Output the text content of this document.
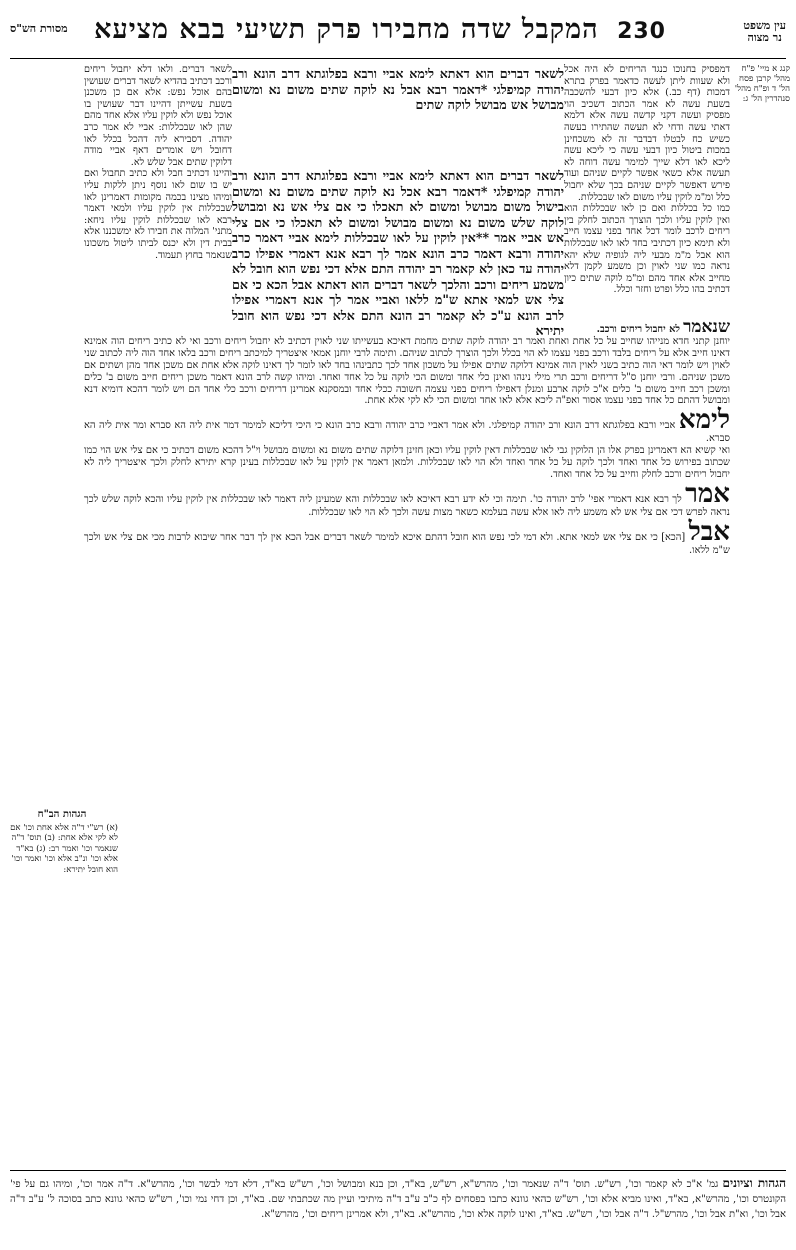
עין משפט
נר מצוה
230 המקבל שדה מחבירו פרק תשיעי בבא מציעא
מסורת הש"ס
קנג א מיי' פ"ח מהל' קרבן פסח הל' ד ופ"ח מהל' סנהדרין הל' ג:

דמפסיק בחנוכו כנגד הריחים לא היה אכל ולא שעוות ליתן לעשה כדאמר בפרק בתרא דמכות (דף כב.) אלא כיון דבעי להשכבה בשעת עשה לא אמר הכתוב דשכיב הוי מפסיק ועשה דקני קדשה עשה אלא דלמא דאתי עשה ודחי לא תעשה שהתירו בעשה כשיש כח לבטלו דבדבר זה לא משכחינן במכות ביטול כיון דבעי עשה כי ליכא עשה ליכא לאו דלא שייך למימר עשה דוחה לא תעשה אלא כשאי אפשר לקיים שניהם ועוד פירש דאפשר לקיים שניהם בכך שלא יחבול כלל ומ"מ לוקין עליו משום לאו שבכללות.

כמו כל בכללות ואם כן לאו שבכללות הוא ואין לוקין עליו ולכך הוצרך הכתוב לחלק בין ריחים לרכב לומר דכל אחד בפני עצמו חייב ולא תימא כיון דכתיבי בחד לאו לאו שבכללות הוא אבל מ"מ מבעי ליה לגופיה שלא יהא נראה כמו שני לאוין וכן משמע לקמן דלא מחייב אלא אחד מהם ומ"מ לוקה שתים כיון דכתיב בהו כלל ופרט וחזר וכלל.

לשאר דברים. ולאו דלא יחבול ריחים ורכב דכתיב בהדיא לשאר דברים שעושין בהם אוכל נפש: אלא אם כן משכנן בשעת עשייתן דהיינו דבר שעושין בו אוכל נפש ולא לוקין עליו אלא אחד מהם שהן לאו שבכללות: אביי לא אמר כרב יהודה. דסבירא ליה דהכל בכלל לאו דחובל ויש אומרים דאף אביי מודה דלוקין שתים אבל שלש לא.

והיינו דכתיב חבל ולא כתיב תחבול ואם יש בו שום לאו נוסף ניתן ללקות עליו ומיהו מצינו בכמה מקומות דאמרינן לאו שבכללות אין לוקין עליו ולמאי דאמר רבא לאו שבכללות לוקין עליו ניחא: מתני' המלוה את חבירו לא ימשכננו אלא בבית דין ולא יכנס לביתו ליטול משכונו שנאמר בחוץ תעמוד.

לשאר דברים הוא דאתא לימא אביי ורבא בפלוגתא דרב הונא ורב יהודה קמיפלגי *דאמר רבא אבל נא לוקה שתים משום נא ומשום מבושל אש מבושל לוקה שתים
לשאר דברים הוא דאתא לימא אביי ורבא בפלוגתא דרב הונא ורב יהודה קמיפלגי *דאמר רבא אכל נא לוקה שתים משום נא ומשום בישול משום מבושל ומשום לא תאכלו כי אם צלי אש נא ומבושל לוקה שלש משום נא ומשום מבושל ומשום לא תאכלו כי אם צלי אש אביי אמר **אין לוקין על לאו שבכללות לימא אביי דאמר כרב יהודה ורבא דאמר כרב הונא אמר לך רבא אנא דאמרי אפילו כרב יהודה עד כאן לא קאמר רב יהודה התם אלא דכי נפש הוא חובל לא משמע ריחים ורכב והלכך לשאר דברים הוא דאתא אבל הכא כי אם צלי אש למאי אתא ש"מ ללאו ואביי אמר לך אנא דאמרי אפילו לרב הונא ע"כ לא קאמר רב הונא התם אלא דכי נפש הוא חובל יתירא	שנאמר לא יחבול ריחים ורכב.

יוחנן קתני חדא מנייהו שחייב על כל אחת ואחת ואמר רב יהודה לוקה שתים מחמת דאיכא בעשייתו שני לאוין דכתיב לא יחבול ריחים ורכב ואי לא כתיב ריחים הוה אמינא דאינו חייב אלא על ריחים בלבד ורכב בפני עצמו לא הוי בכלל ולכך הוצרך לכתוב שניהם. ותימה לרבי יוחנן אמאי איצטריך למיכתב ריחים ורכב בלאו אחד הוה ליה לכתוב שני לאוין ויש לומר דאי הוה כתיב בשני לאוין הוה אמינא דלוקה שתים אפילו על משכון אחד לכך כתבינהו בחד לאו לומר לך דאינו לוקה אלא אחת אם משכן אחד מהן ושתים אם משכן שניהם. ורבי יוחנן ס"ל דריחים ורכב תרי מילי נינהו ואינן כלי אחד ומשום הכי לוקה על כל אחד ואחד. ומיהו קשה לרב הונא דאמר משכן ריחים חייב משום ב' כלים ומשכן רכב חייב משום ב' כלים א"כ לוקה ארבע ומנלן דאפילו ריחים בפני עצמה חשובה ככלי אחד ובמסקנא אמרינן דריחים ורכב כלי אחד הם ויש לומר דהכא דומיא דנא ומבושל דהתם כל אחד בפני עצמו אסור ואפ"ה ליכא אלא לאו אחד ומשום הכי לא לקי אלא אחת.

לימא אביי ורבא בפלוגתא דרב הונא ורב יהודה קמיפלגי. ולא אמר דאביי כרב יהודה ורבא כרב הונא כי היכי דליכא למימר דמר אית ליה הא סברא ומר אית ליה הא סברא.

ואי קשיא הא דאמרינן בפרק אלו הן הלוקין גבי לאו שבכללות דאין לוקין עליו וכאן חזינן דלוקה שתים משום נא ומשום מבושל וי"ל דהכא משום דכתיב כי אם צלי אש הוי כמו שכתוב בפירוש כל אחד ואחד ולכך לוקה על כל אחד ואחד ולא הוי לאו שבכללות. ולמאן דאמר אין לוקין על לאו שבכללות בעינן קרא יתירא לחלק ולכך איצטריך ליה לא יחבול ריחים ורכב לחלק וחייב על כל אחד ואחד.

אמר לך רבא אנא דאמרי אפי' לרב יהודה כו'. תימה וכי לא ידע רבא דאיכא לאו שבכללות והא שמעינן ליה דאמר לאו שבכללות אין לוקין עליו והכא לוקה שלש לכך נראה לפרש דכי אם צלי אש לא משמע ליה לאו אלא עשה בעלמא כשאר מצות עשה ולכך לא הוי לאו שבכללות.

אבל [הכא] כי אם צלי אש למאי אתא. ולא דמי לכי נפש הוא חובל דהתם איכא למימר לשאר דברים אבל הכא אין לך דבר אחר שיבוא לרבות מכי אם צלי אש ולכך ש"מ ללאו.

הגהות הב"ח
(א) רש"י ד"ה אלא אחת וכו' אם לא לקי אלא אחת: (ב) תוס' ד"ה שנאמר וכו' ואמר רב: (ג) בא"ד אלא וכו' ונ"ב אלא וכו' ואמר וכו' הוא חובל יתירא:
הגהות וציונים גמ' א"כ לא קאמר וכו', רש"ש. תוס' ד"ה שנאמר וכו', מהרש"א, רש"ש, בא"ד, וכן בנא ומבושל וכו', רש"ש בא"ד, דלא דמי לבשר וכו', מהרש"א. ד"ה אמר וכו', ומיהו גם על פי' הקונטרס וכו', מהרש"א, בא"ד, ואינו מביא אלא וכו', רש"ש כהאי גוונא כתבו בפסחים לף כ"ב ע"ב ד"ה מיתיבי ועיין מה שכתבתי שם. בא"ד, וכן דחי נמי וכו', רש"ש כהאי גוונא כתב בסוכה ל' ע"ב ד"ה אבל וכו', וא"ת אבל וכו', מהרש"ל. ד"ה אבל וכו', רש"ש. בא"ד, ואינו לוקה אלא וכו', מהרש"א. בא"ד, ולא אמרינן ריחים וכו', מהרש"א.
